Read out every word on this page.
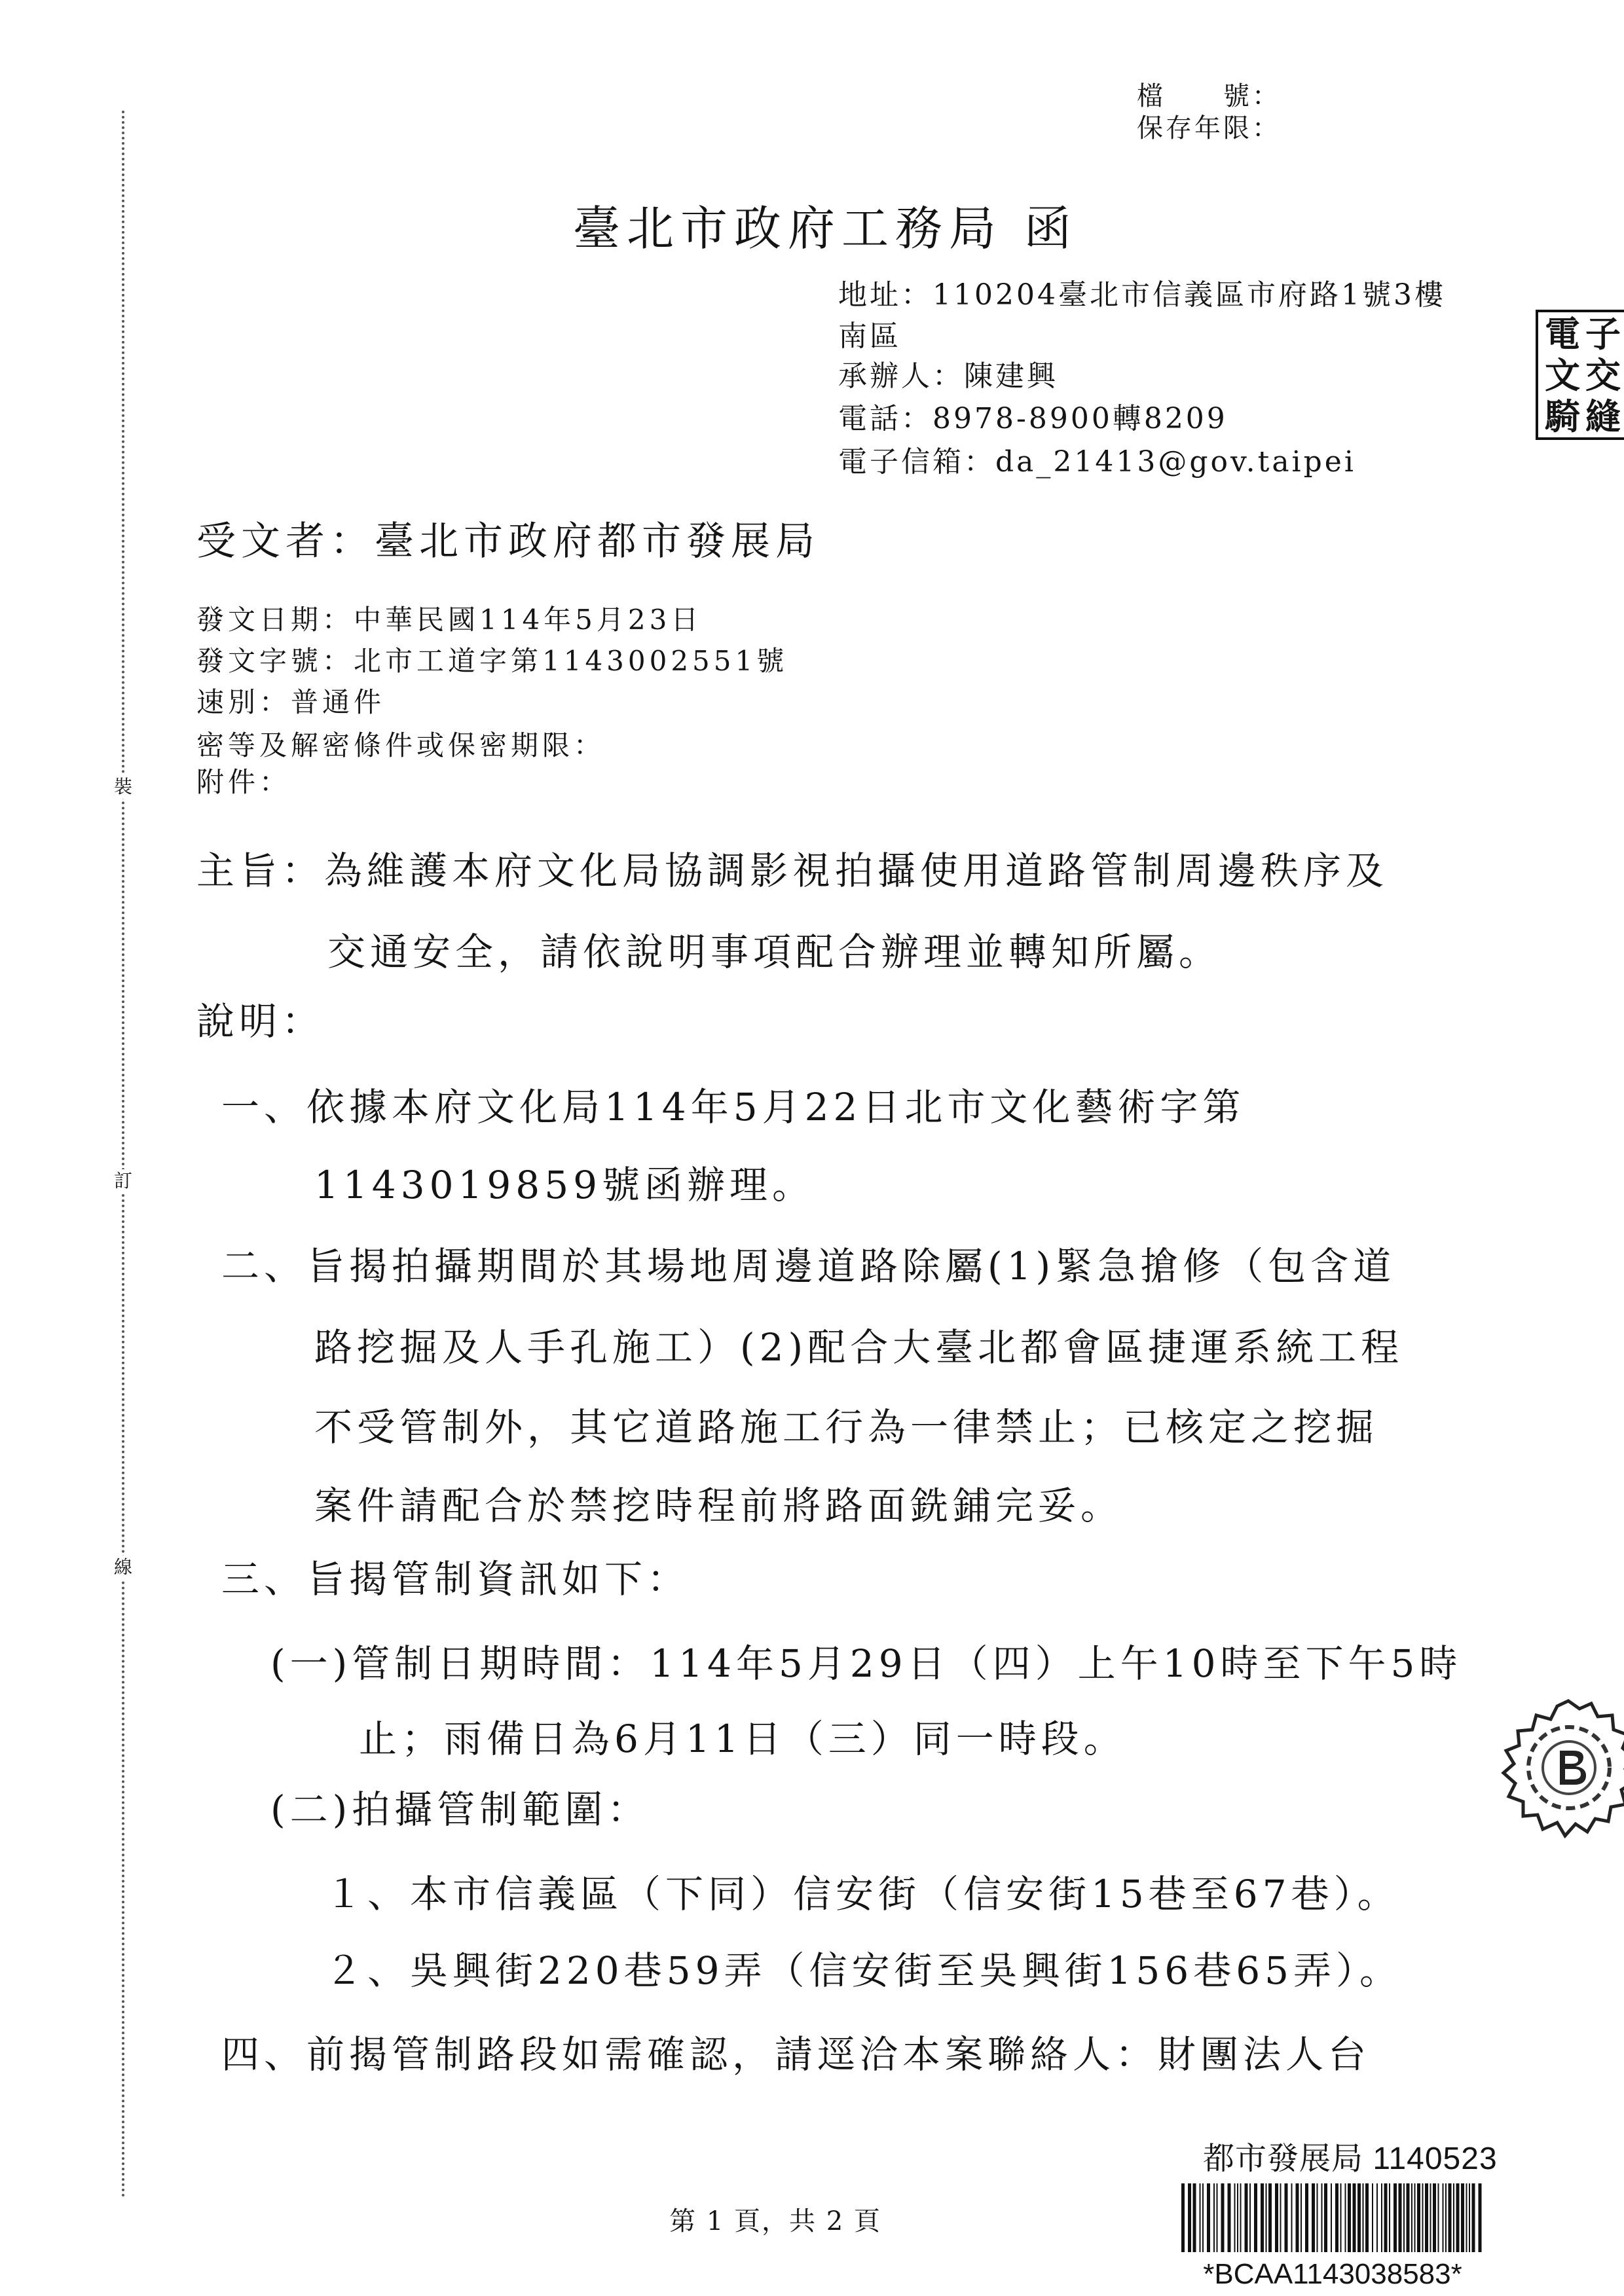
裝
訂
線
檔　　號：
保存年限：
臺北市政府工務局 函
地址：110204臺北市信義區市府路1號3樓
南區
承辦人：陳建興
電話：8978-8900轉8209
電子信箱：da_21413@gov.taipei
電 子
文 交
騎 縫
受文者：臺北市政府都市發展局
發文日期：中華民國114年5月23日
發文字號：北市工道字第1143002551號
速別：普通件
密等及解密條件或保密期限：
附件：
主旨：為維護本府文化局協調影視拍攝使用道路管制周邊秩序及
交通安全，請依說明事項配合辦理並轉知所屬。
說明：
一、依據本府文化局114年5月22日北市文化藝術字第
1143019859號函辦理。
二、旨揭拍攝期間於其場地周邊道路除屬(1)緊急搶修（包含道
路挖掘及人手孔施工）(2)配合大臺北都會區捷運系統工程
不受管制外，其它道路施工行為一律禁止；已核定之挖掘
案件請配合於禁挖時程前將路面銑鋪完妥。
三、旨揭管制資訊如下：
(一)管制日期時間：114年5月29日（四）上午10時至下午5時
止；雨備日為6月11日（三）同一時段。
(二)拍攝管制範圍：
１、本市信義區（下同）信安街（信安街15巷至67巷）。
２、吳興街220巷59弄（信安街至吳興街156巷65弄）。
四、前揭管制路段如需確認，請逕洽本案聯絡人：財團法人台
第 1 頁，共 2 頁
都市發展局 1140523
*BCAA1143038583*
